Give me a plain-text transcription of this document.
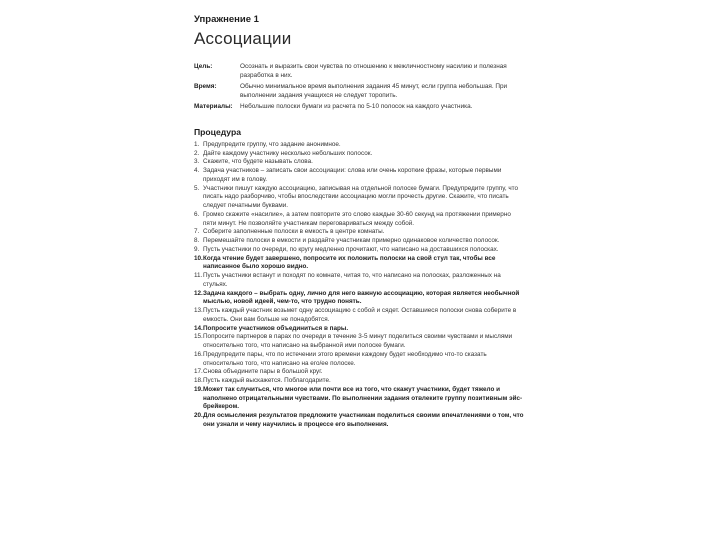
Упражнение 1

Ассоциации
Цель:	Осознать и выразить свои чувства по отношению к межличностному насилию и полезная разработка в них.
Время:	Обычно минимальное время выполнения задания 45 минут, если группа небольшая. При выполнении задания учащихся не следует торопить.
Материалы:	Небольшие полоски бумаги из расчета по 5-10 полосок на каждого участника.
Процедура
1. Предупредите группу, что задание анонимное.
2. Дайте каждому участнику несколько небольших полосок.
3. Скажите, что будете называть слова.
4. Задача участников – записать свои ассоциации: слова или очень короткие фразы, которые первыми приходят им в голову.
5. Участники пишут каждую ассоциацию, записывая на отдельной полоске бумаги. Предупредите группу, что писать надо разборчиво, чтобы впоследствии ассоциацию могли прочесть другие. Скажите, что писать следует печатными буквами.
6. Громко скажите «насилие», а затем повторите это слово каждые 30-60 секунд на протяжении примерно пяти минут. Не позволяйте участникам переговариваться между собой.
7. Соберите заполненные полоски в емкость в центре комнаты.
8. Перемешайте полоски в емкости и раздайте участникам примерно одинаковое количество полосок.
9. Пусть участники по очереди, по кругу медленно прочитают, что написано на доставшихся полосках.
10. Когда чтение будет завершено, попросите их положить полоски на свой стул так, чтобы все написанное было хорошо видно.
11. Пусть участники встанут и походят по комнате, читая то, что написано на полосках, разложенных на стульях.
12. Задача каждого – выбрать одну, лично для него важную ассоциацию, которая является необычной мыслью, новой идеей, чем-то, что трудно понять.
13. Пусть каждый участник возьмет одну ассоциацию с собой и сядет. Оставшиеся полоски снова соберите в емкость. Они вам больше не понадобятся.
14. Попросите участников объединиться в пары.
15. Попросите партнеров в парах по очереди в течение 3-5 минут поделиться своими чувствами и мыслями относительно того, что написано на выбранной ими полоске бумаги.
16. Предупредите пары, что по истечении этого времени каждому будет необходимо что-то сказать относительно того, что написано на его/ее полоске.
17. Снова объедините пары в большой круг.
18. Пусть каждый выскажется. Поблагодарите.
19. Может так случиться, что многое или почти все из того, что скажут участники, будет тяжело и наполнено отрицательными чувствами. По выполнении задания отвлеките группу позитивным эйс-брейкером.
20. Для осмысления результатов предложите участникам поделиться своими впечатлениями о том, что они узнали и чему научились в процессе его выполнения.
